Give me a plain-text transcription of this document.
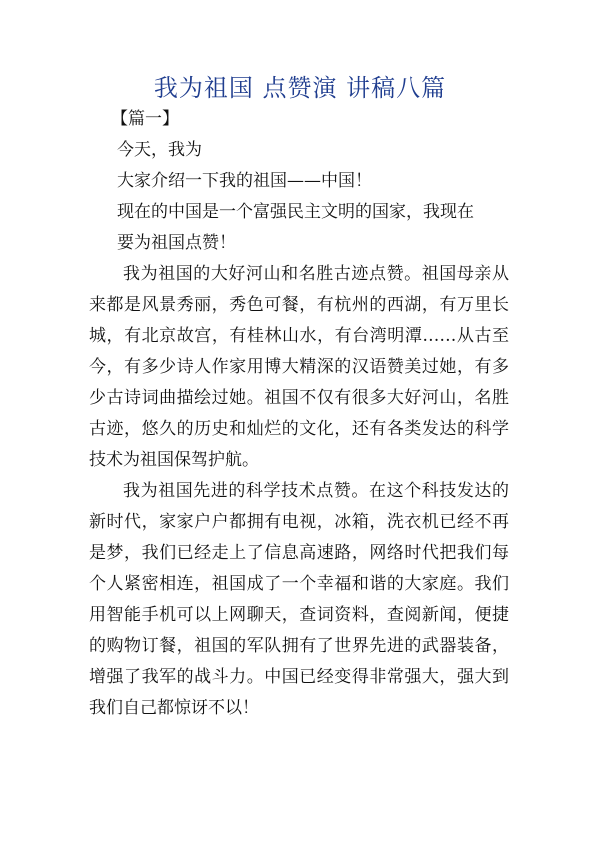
我为祖国 点赞演 讲稿八篇

【篇一】

今天，我为

大家介绍一下我的祖国——中国！

现在的中国是一个富强民主文明的国家，我现在

要为祖国点赞！

我为祖国的大好河山和名胜古迹点赞。祖国母亲从来都是风景秀丽，秀色可餐，有杭州的西湖，有万里长城，有北京故宫，有桂林山水，有台湾明潭……从古至今，有多少诗人作家用博大精深的汉语赞美过她，有多少古诗词曲描绘过她。祖国不仅有很多大好河山，名胜古迹，悠久的历史和灿烂的文化，还有各类发达的科学技术为祖国保驾护航。

我为祖国先进的科学技术点赞。在这个科技发达的新时代，家家户户都拥有电视，冰箱，洗衣机已经不再是梦，我们已经走上了信息高速路，网络时代把我们每个人紧密相连，祖国成了一个幸福和谐的大家庭。我们用智能手机可以上网聊天，查词资料，查阅新闻，便捷的购物订餐，祖国的军队拥有了世界先进的武器装备，增强了我军的战斗力。中国已经变得非常强大，强大到我们自己都惊讶不以！
